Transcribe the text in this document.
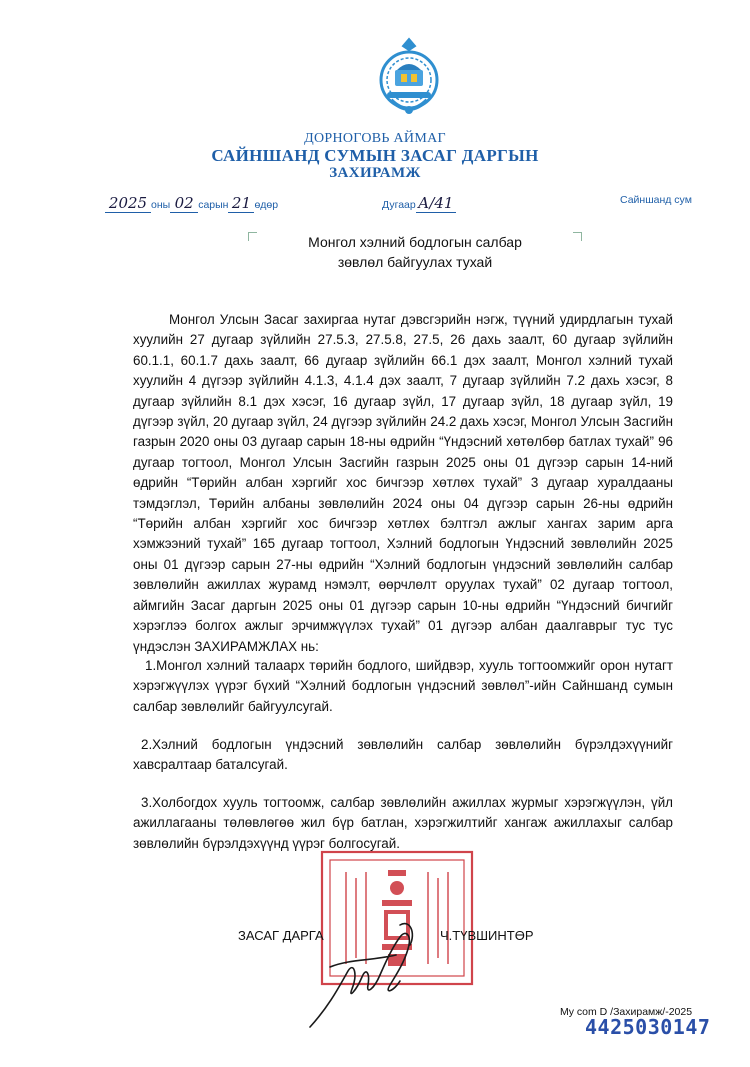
ДОРНОГОВЬ АЙМАГ
САЙНШАНД СУМЫН ЗАСАГ ДАРГЫН
ЗАХИРАМЖ
2025 оны 02 сарын 21 өдөр	Дугаар А/41	Сайншанд сум
Монгол хэлний бодлогын салбар
зөвлөл байгуулах тухай
Монгол Улсын Засаг захиргаа нутаг дэвсгэрийн нэгж, түүний удирдлагын тухай хуулийн 27 дугаар зүйлийн 27.5.3, 27.5.8, 27.5, 26 дахь заалт, 60 дугаар зүйлийн 60.1.1, 60.1.7 дахь заалт, 66 дугаар зүйлийн 66.1 дэх заалт, Монгол хэлний тухай хуулийн 4 дүгээр зүйлийн 4.1.3, 4.1.4 дэх заалт, 7 дугаар зүйлийн 7.2 дахь хэсэг, 8 дугаар зүйлийн 8.1 дэх хэсэг, 16 дугаар зүйл, 17 дугаар зүйл, 18 дугаар зүйл, 19 дүгээр зүйл, 20 дугаар зүйл, 24 дүгээр зүйлийн 24.2 дахь хэсэг, Монгол Улсын Засгийн газрын 2020 оны 03 дугаар сарын 18-ны өдрийн “Үндэсний хөтөлбөр батлах тухай” 96 дугаар тогтоол, Монгол Улсын Засгийн газрын 2025 оны 01 дүгээр сарын 14-ний өдрийн “Төрийн албан хэргийг хос бичгээр хөтлөх тухай” 3 дугаар хуралдааны тэмдэглэл, Төрийн албаны зөвлөлийн 2024 оны 04 дүгээр сарын 26-ны өдрийн “Төрийн албан хэргийг хос бичгээр хөтлөх бэлтгэл ажлыг хангах зарим арга хэмжээний тухай” 165 дугаар тогтоол, Хэлний бодлогын Үндэсний зөвлөлийн 2025 оны 01 дүгээр сарын 27-ны өдрийн “Хэлний бодлогын үндэсний зөвлөлийн салбар зөвлөлийн ажиллах журамд нэмэлт, өөрчлөлт оруулах тухай” 02 дугаар тогтоол, аймгийн Засаг даргын 2025 оны 01 дүгээр сарын 10-ны өдрийн “Үндэсний бичгийг хэрэглээ болгох ажлыг эрчимжүүлэх тухай” 01 дүгээр албан даалгаврыг тус тус үндэслэн ЗАХИРАМЖЛАХ нь:
1.Монгол хэлний талаарх төрийн бодлого, шийдвэр, хууль тогтоомжийг орон нутагт хэрэгжүүлэх үүрэг бүхий “Хэлний бодлогын үндэсний зөвлөл”-ийн Сайншанд сумын салбар зөвлөлийг байгуулсугай.
2.Хэлний бодлогын үндэсний зөвлөлийн салбар зөвлөлийн бүрэлдэхүүнийг хавсралтаар баталсугай.
3.Холбогдох хууль тогтоомж, салбар зөвлөлийн ажиллах журмыг хэрэгжүүлэн, үйл ажиллагааны төлөвлөгөө жил бүр батлан, хэрэгжилтийг хангаж ажиллахыг салбар зөвлөлийн бүрэлдэхүүнд үүрэг болгосугай.
ЗАСАГ ДАРГА	Ч.ТҮВШИНТӨР
My com D /Захирамж/-2025
4425030147
